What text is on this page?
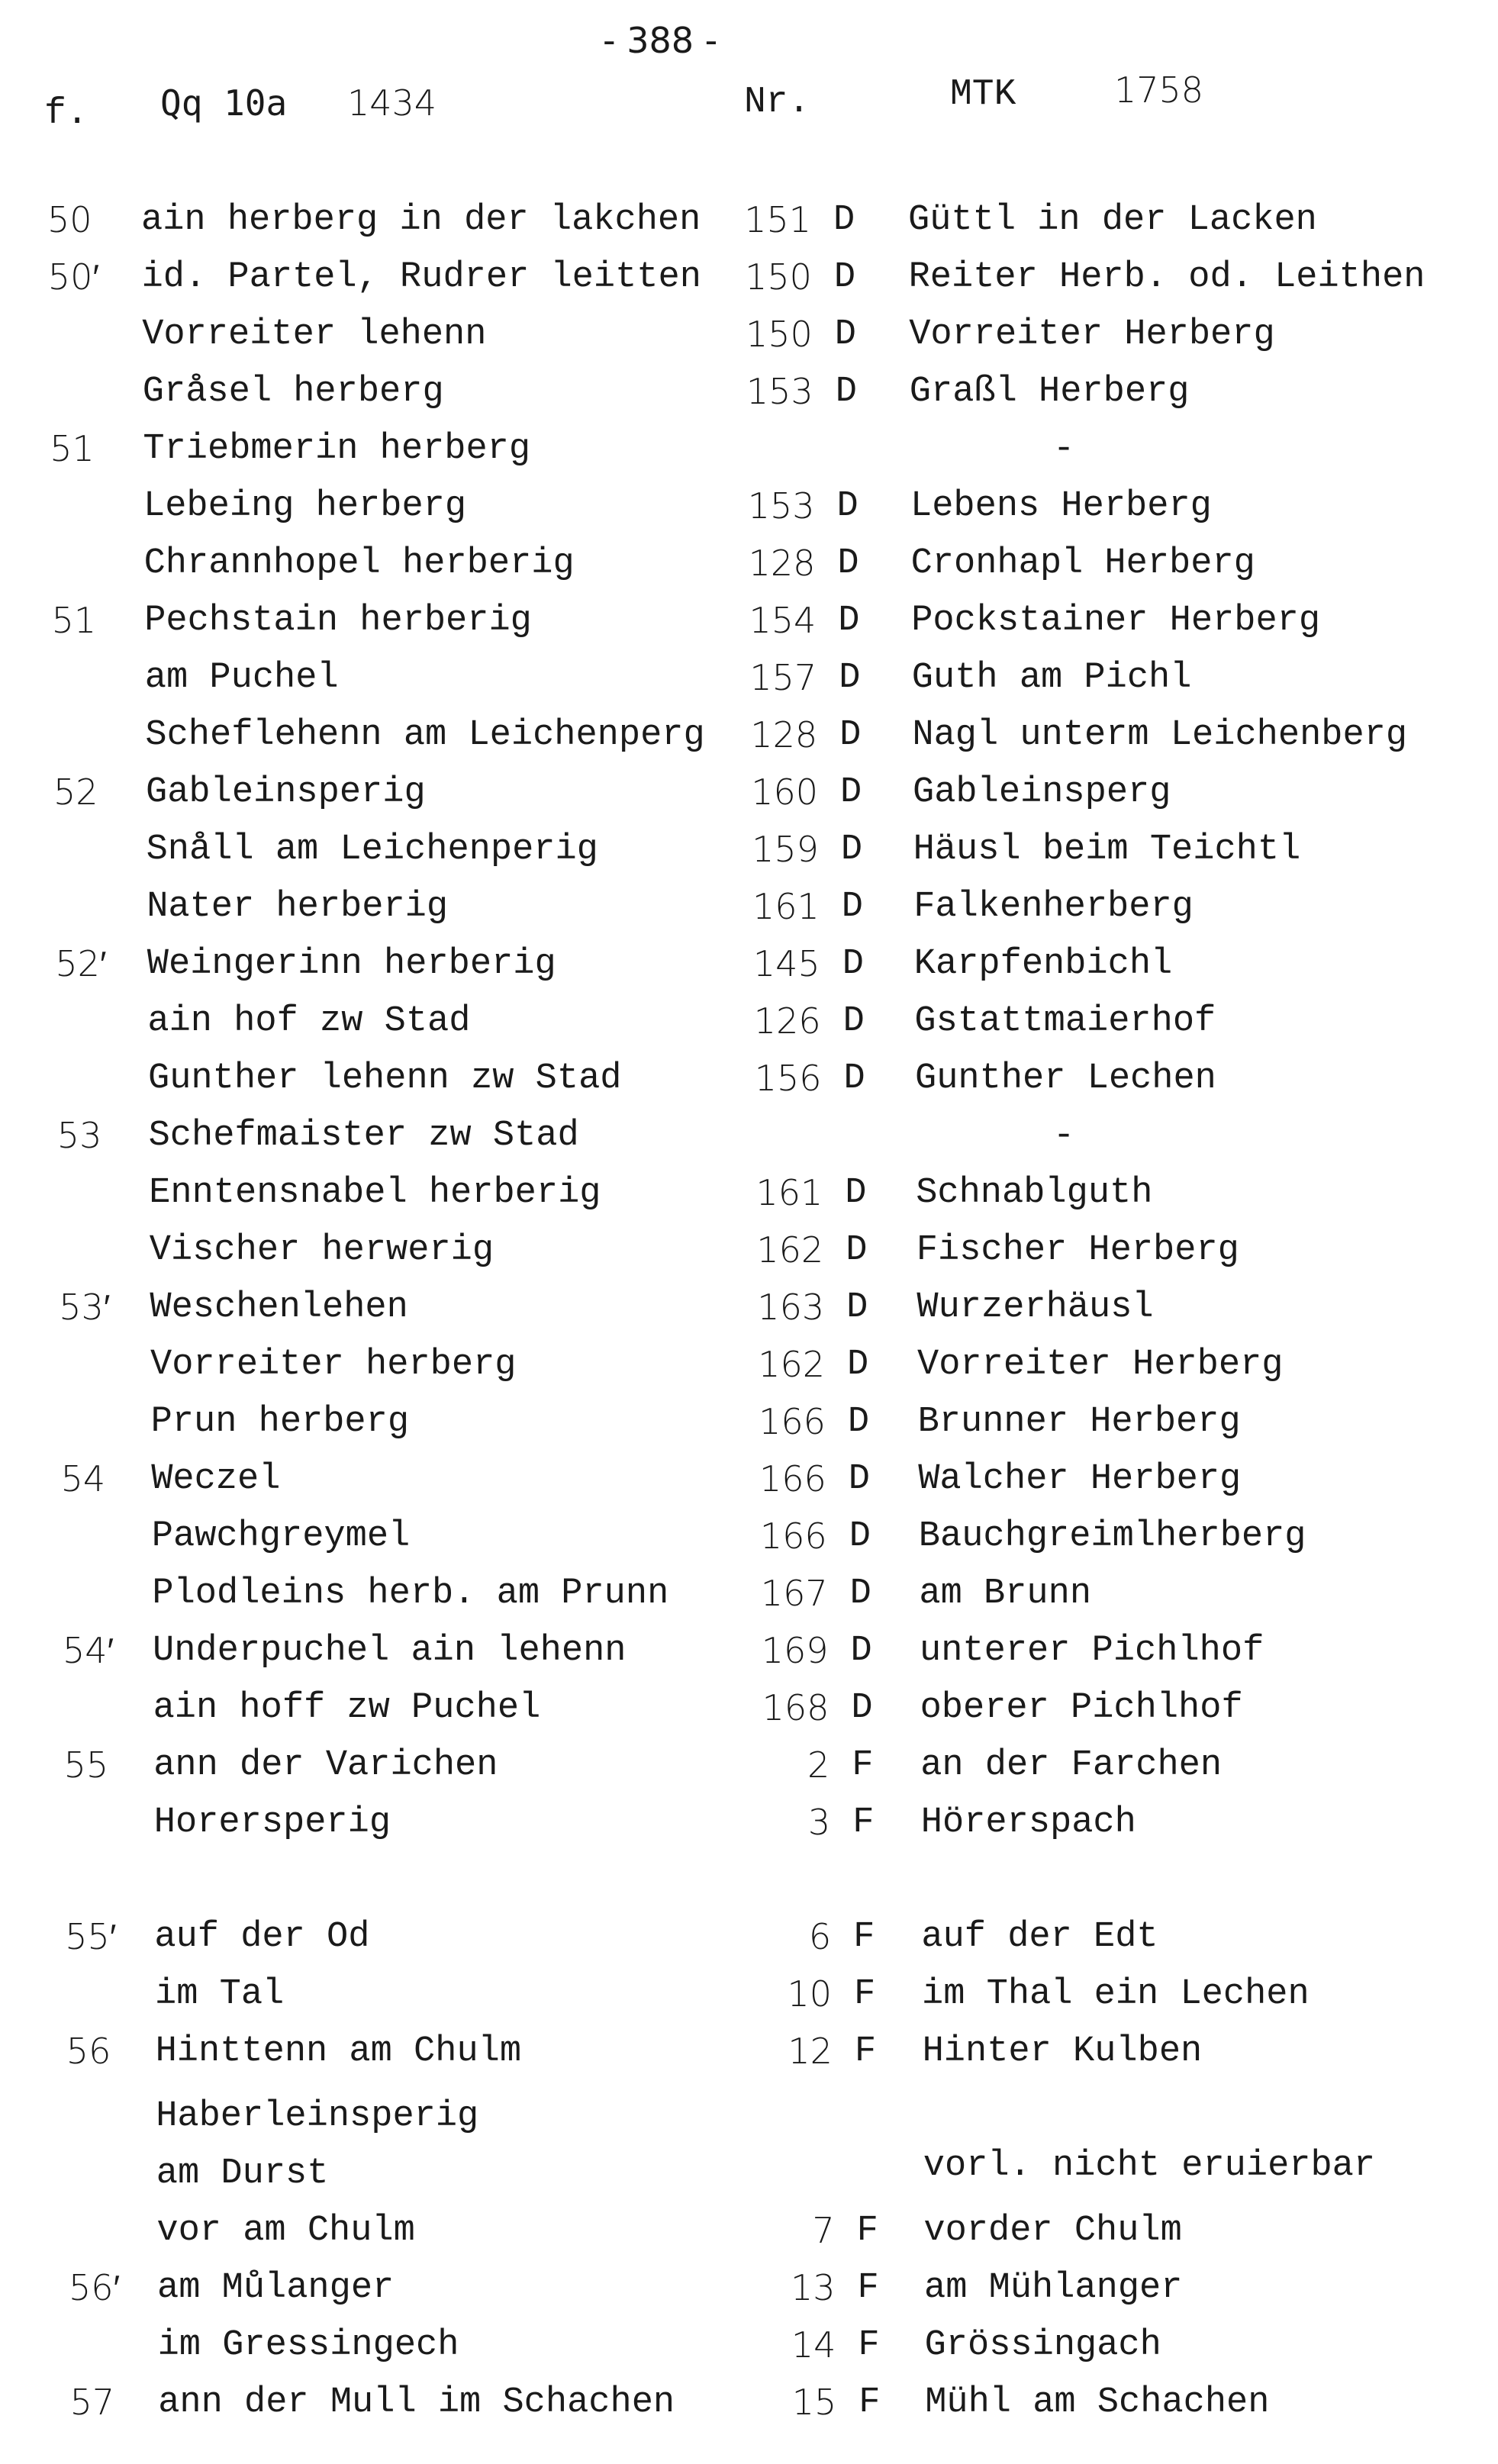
- 388 -
f. Qq 10a 1434	Nr.	MTK	1758
50 ain herberg in der lakchen 151 D Güttl in der Lacken
50′ id. Partel, Rudrer leitten 150 D Reiter Herb. od. Leithen
Vorreiter lehenn	150 D Vorreiter Herberg
Gråsel herberg	153 D Graßl Herberg
51 Triebmerin herberg	-
Lebeing herberg	153 D Lebens Herberg
Chrannhopel herberig	128 D Cronhapl Herberg
51 Pechstain herberig	154 D Pockstainer Herberg
am Puchel	157 D Guth am Pichl
Scheflehenn am Leichenperg 128 D Nagl unterm Leichenberg
52 Gableinsperig	160 D Gableinsperg
Snåll am Leichenperig	159 D Häusl beim Teichtl
Nater herberig	161 D Falkenherberg
52′ Weingerinn herberig	145 D Karpfenbichl
ain hof zw Stad	126 D Gstattmaierhof
Gunther lehenn zw Stad	156 D Gunther Lechen
53 Schefmaister zw Stad	-
Enntensnabel herberig	161 D Schnablguth
Vischer herwerig	162 D Fischer Herberg
53′ Weschenlehen	163 D Wurzerhäusl
Vorreiter herberg	162 D Vorreiter Herberg
Prun herberg	166 D Brunner Herberg
54 Weczel	166 D Walcher Herberg
Pawchgreymel	166 D Bauchgreimlherberg
Plodleins herb. am Prunn	167 D am Brunn
54′ Underpuchel ain lehenn	169 D unterer Pichlhof
ain hoff zw Puchel	168 D oberer Pichlhof
55 ann der Varichen	2 F an der Farchen
Horersperig	3 F Hörerspach
55′ auf der Od	6 F auf der Edt
im Tal	10 F im Thal ein Lechen
56 Hinttenn am Chulm	12 F Hinter Kulben
Haberleinsperig
am Durst	vorl. nicht eruierbar
vor am Chulm	7 F vorder Chulm
56′ am Můlanger	13 F am Mühlanger
im Gressingech	14 F Grössingach
57 ann der Mull im Schachen	15 F Mühl am Schachen
